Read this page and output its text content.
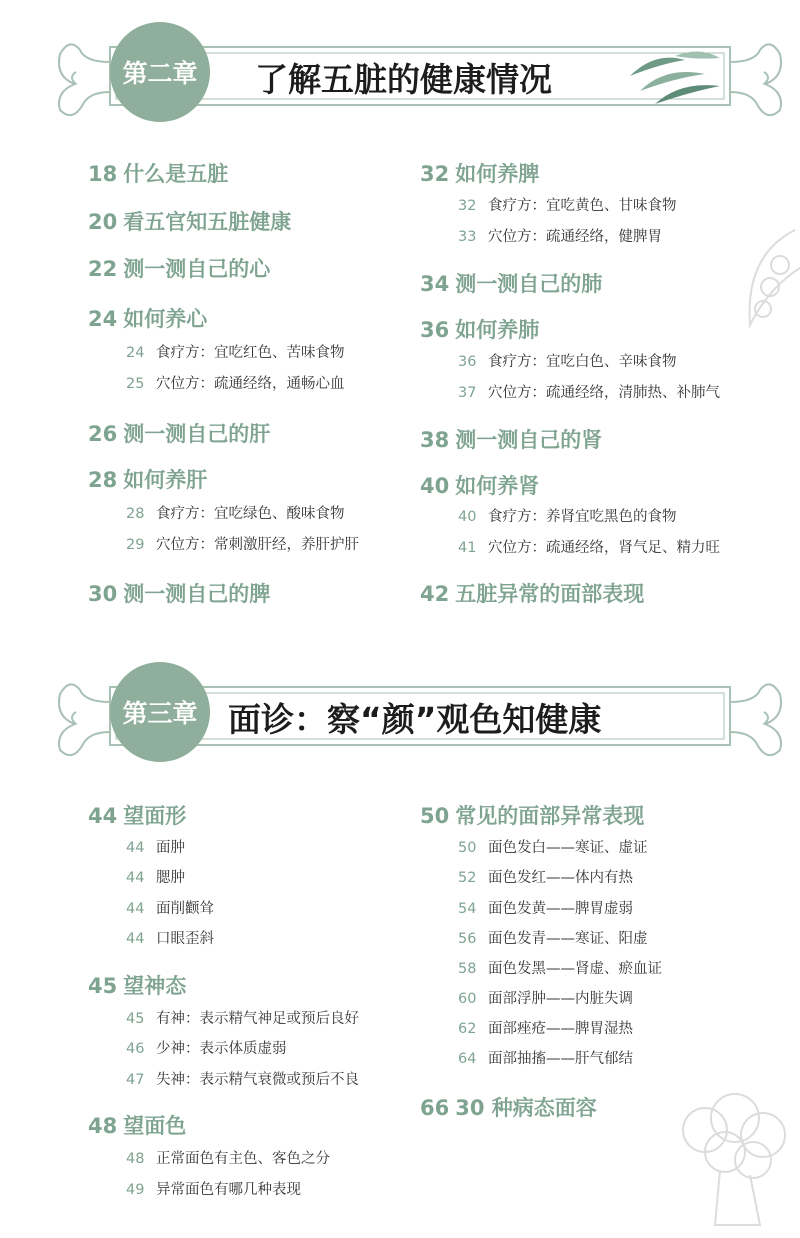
第二章	了解五脏的健康情况
18 什么是五脏
20 看五官知五脏健康
22 测一测自己的心
24 如何养心
24 食疗方：宜吃红色、苦味食物
25 穴位方：疏通经络，通畅心血
26 测一测自己的肝
28 如何养肝
28 食疗方：宜吃绿色、酸味食物
29 穴位方：常刺激肝经，养肝护肝
30 测一测自己的脾
32 如何养脾
32 食疗方：宜吃黄色、甘味食物
33 穴位方：疏通经络，健脾胃
34 测一测自己的肺
36 如何养肺
36 食疗方：宜吃白色、辛味食物
37 穴位方：疏通经络，清肺热、补肺气
38 测一测自己的肾
40 如何养肾
40 食疗方：养肾宜吃黑色的食物
41 穴位方：疏通经络，肾气足、精力旺
42 五脏异常的面部表现
第三章 面诊：察“颜”观色知健康
44 望面形
44 面肿
44 腮肿
44 面削颧耸
44 口眼歪斜
45 望神态
45 有神：表示精气神足或预后良好
46 少神：表示体质虚弱
47 失神：表示精气衰微或预后不良
48 望面色
48 正常面色有主色、客色之分
49 异常面色有哪几种表现
50 常见的面部异常表现
50 面色发白——寒证、虚证
52 面色发红——体内有热
54 面色发黄——脾胃虚弱
56 面色发青——寒证、阳虚
58 面色发黑——肾虚、瘀血证
60 面部浮肿——内脏失调
62 面部痤疮——脾胃湿热
64 面部抽搐——肝气郁结
66 30 种病态面容
